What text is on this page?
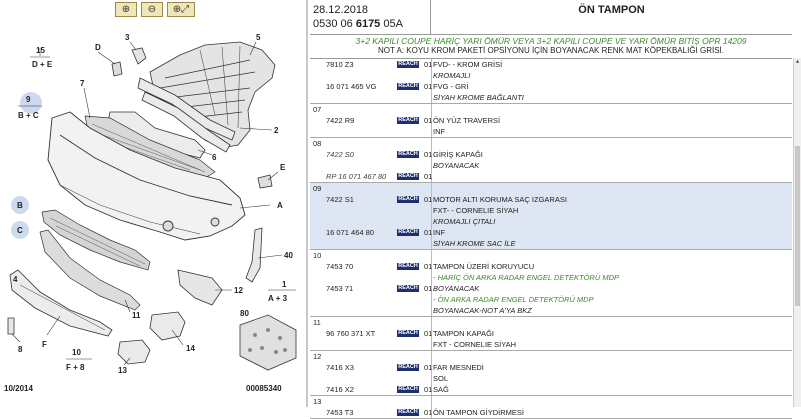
⊕ ⊖ ⊕⤢
15
D + E
9
B + C
D
3	5
7
2
6
E
A
B
C
40
1
A + 3
12
11	80
14
8
F
10
F + 8	13
4
10/2014	00085340
28.12.2018
0530 06 6175 05A
ÖN TAMPON
3+2 KAPILI COUPE HARİÇ YARI ÖMÜR VEYA 3+2 KAPILI COUPE VE YARI ÖMÜR BİTİŞ OPR 14209
NOT A: KOYU KROM PAKETİ OPSİYONU İÇİN BOYANACAK RENK MAT KÖPEKBALIĞI GRİSİ.
7810 Z3	REACH 01 FVD- - KROM GRİSİ
KROMAJLI
16 071 465 VG	REACH 01 FVG - GRİ
SİYAH KROME BAĞLANTI
07
7422 R9	REACH 01 ÖN YÜZ TRAVERSİ
INF
08
7422 S0	REACH 01 GİRİŞ KAPAĞI
BOYANACAK
RP 16 071 467 80 REACH 01
09
7422 S1	REACH 01 MOTOR ALTI KORUMA SAÇ IZGARASI
FXT- - CORNELIE SİYAH
KROMAJLI ÇITALI
16 071 464 80	REACH 01 INF
SİYAH KROME SAC İLE
10
7453 70	REACH 01 TAMPON ÜZERİ KORUYUCU
- HARİÇ ÖN ARKA RADAR ENGEL DETEKTÖRÜ MDP
7453 71	REACH 01 BOYANACAK
- ÖN ARKA RADAR ENGEL DETEKTÖRÜ MDP
BOYANACAK-NOT A'YA BKZ
11
96 760 371 XT	REACH 01 TAMPON KAPAĞI
FXT - CORNELIE SİYAH
12
7416 X3	REACH 01 FAR MESNEDİ
SOL
7416 X2	REACH 01 SAĞ
13
7453 T3	REACH 01 ÖN TAMPON GİYDİRMESİ
▲
